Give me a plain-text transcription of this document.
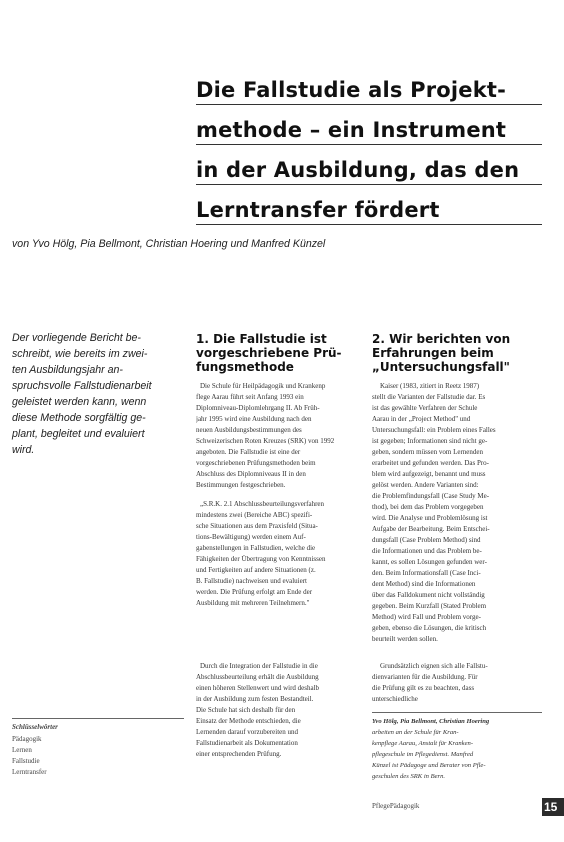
Die Fallstudie als Projekt-
methode – ein Instrument
in der Ausbildung, das den
Lerntransfer fördert
von Yvo Hölg, Pia Bellmont, Christian Hoering und Manfred Künzel
Der vorliegende Bericht be-
schreibt, wie bereits im zwei-
ten Ausbildungsjahr an-
spruchsvolle Fallstudienarbeit
geleistet werden kann, wenn
diese Methode sorgfältig ge-
plant, begleitet und evaluiert
wird.
1. Die Fallstudie ist
vorgeschriebene Prü-
fungsmethode
Die Schule für Heilpädagogik und Krankenp
flege Aarau führt seit Anfang 1993 ein
Diplomniveau-Diplomlehrgang II. Ab Früh-
jahr 1995 wird eine Ausbildung nach den
neuen Ausbildungsbestimmungen des
Schweizerischen Roten Kreuzes (SRK) von 1992
angeboten. Die Fallstudie ist eine der
vorgeschriebenen Prüfungsmethoden beim
Abschluss des Diplomniveaus II in den
Bestimmungen festgeschrieben.
„S.R.K. 2.1 Abschlussbeurteilungsverfahren
mindestens zwei (Bereiche ABC) spezifi-
sche Situationen aus dem Praxisfeld (Situa-
tions-Bewältigung) werden einem Auf-
gabenstellungen in Fallstudien, welche die
Fähigkeiten der Übertragung von Kenntnissen
und Fertigkeiten auf andere Situationen (z.
B. Fallstudie) nachweisen und evaluiert
werden. Die Prüfung erfolgt am Ende der
Ausbildung mit mehreren Teilnehmern."
Durch die Integration der Fallstudie in die
Abschlussbeurteilung erhält die Ausbildung
einen höheren Stellenwert und wird deshalb
in der Ausbildung zum festen Bestandteil.
Die Schule hat sich deshalb für den
Einsatz der Methode entschieden, die
Lernenden darauf vorzubereiten und
Fallstudienarbeit als Dokumentation
einer entsprechenden Prüfung.
2. Wir berichten von
Erfahrungen beim
„Untersuchungsfall"
Kaiser (1983, zitiert in Reetz 1987)
stellt die Varianten der Fallstudie dar. Es
ist das gewählte Verfahren der Schule
Aarau in der „Project Method" und
Untersuchungsfall: ein Problem eines Falles
ist gegeben; Informationen sind nicht ge-
geben, sondern müssen vom Lernenden
erarbeitet und gefunden werden. Das Pro-
blem wird aufgezeigt, benannt und muss
gelöst werden. Andere Varianten sind:
die Problemfindungsfall (Case Study Me-
thod), bei dem das Problem vorgegeben
wird. Die Analyse und Problemlösung ist
Aufgabe der Bearbeitung. Beim Entschei-
dungsfall (Case Problem Method) sind
die Informationen und das Problem be-
kannt, es sollen Lösungen gefunden wer-
den. Beim Informationsfall (Case Inci-
dent Method) sind die Informationen
über das Falldokument nicht vollständig
gegeben. Beim Kurzfall (Stated Problem
Method) wird Fall und Problem vorge-
geben, ebenso die Lösungen, die kritisch
beurteilt werden sollen.
Grundsätzlich eignen sich alle Fallstu-
dienvarianten für die Ausbildung. Für
die Prüfung gilt es zu beachten, dass
unterschiedliche
Schlüsselwörter
Pädagogik
Lernen
Fallstudie
Lerntransfer
Yvo Hölg, Pia Bellmont, Christian Hoering
arbeiten an der Schule für Kran-
kenpflege Aarau, Anstalt für Kranken-
pflegeschule im Pflegedienst. Manfred
Künzel ist Pädagoge und Berater von Pfle-
geschulen des SRK in Bern.
PflegePädagogik	15
